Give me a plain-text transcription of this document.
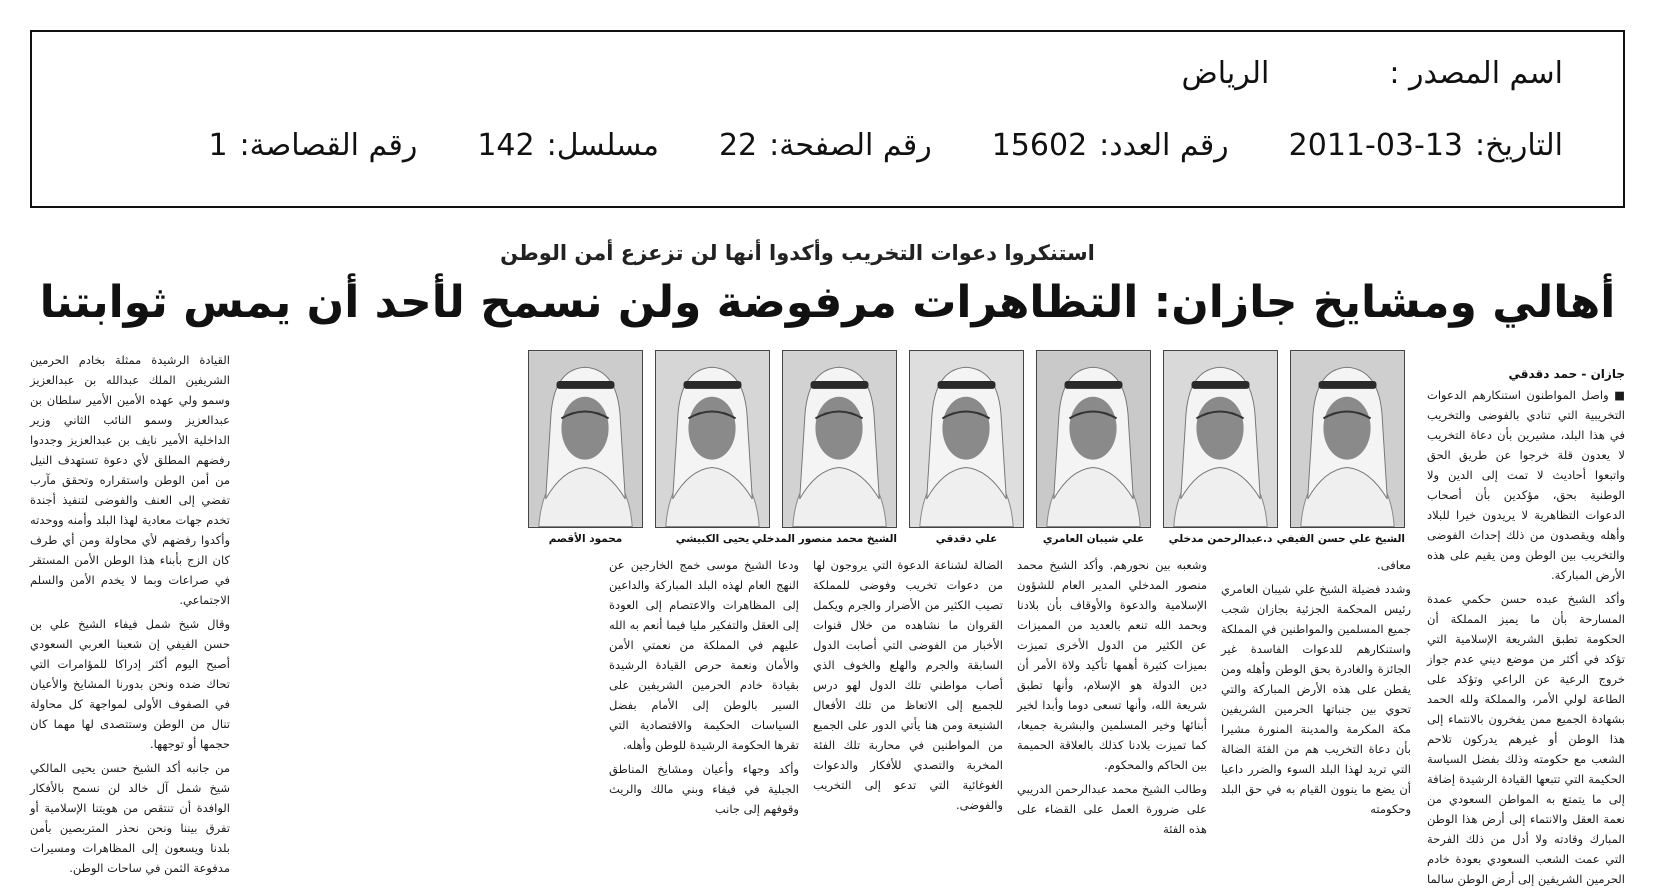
اسم المصدر :
الرياض
التاريخ:
2011-03-13
رقم العدد:
15602
رقم الصفحة:
22
مسلسل:
142
رقم القصاصة:
1
استنكروا دعوات التخريب وأكدوا أنها لن تزعزع أمن الوطن
أهالي ومشايخ جازان: التظاهرات مرفوضة ولن نسمح لأحد أن يمس ثوابتنا
جازان - حمد دقدقي
الشيخ علي حسن الفيفي
د.عبدالرحمن مدخلي
علي شيبان العامري
علي دقدقي
الشيخ محمد منصور المدخلي
يحيى الكبيشي
محمود الأقصم

■ واصل المواطنون استنكارهم الدعوات التخريبية التي تنادي بالفوضى والتخريب في هذا البلد، مشيرين بأن دعاة التخريب لا يعدون قلة خرجوا عن طريق الحق واتبعوا أحاديث لا تمت إلى الدين ولا الوطنية بحق، مؤكدين بأن أصحاب الدعوات التظاهرية لا يريدون خيرا للبلاد وأهله ويقصدون من ذلك إحداث الفوضى والتخريب بين الوطن ومن يقيم على هذه الأرض المباركة.

وأكد الشيخ عبده حسن حكمي عمدة المسارحة بأن ما يميز المملكة أن الحكومة تطبق الشريعة الإسلامية التي تؤكد في أكثر من موضع ديني عدم جواز خروج الرعية عن الراعي وتؤكد على الطاعة لولي الأمر، والمملكة ولله الحمد بشهادة الجميع ممن يفخرون بالانتماء إلى هذا الوطن أو غيرهم يدركون تلاحم الشعب مع حكومته وذلك بفضل السياسة الحكيمة التي تتبعها القيادة الرشيدة إضافة إلى ما يتمتع به المواطن السعودي من نعمة العقل والانتماء إلى أرض هذا الوطن المبارك وقادته ولا أدل من ذلك الفرحة التي عمت الشعب السعودي بعودة خادم الحرمين الشريفين إلى أرض الوطن سالما

معافى.

وشدد فضيلة الشيخ علي شيبان العامري رئيس المحكمة الجزئية بجازان شجب جميع المسلمين والمواطنين في المملكة واستنكارهم للدعوات الفاسدة غير الجائزة والغادرة بحق الوطن وأهله ومن يقطن على هذه الأرض المباركة والتي تحوي بين جنباتها الحرمين الشريفين مكة المكرمة والمدينة المنورة مشيرا بأن دعاة التخريب هم من الفئة الضالة التي تريد لهذا البلد السوء والضرر داعيا أن يضع ما ينوون القيام به في حق البلد وحكومته

وشعبه بين نحورهم. وأكد الشيخ محمد منصور المدخلي المدير العام للشؤون الإسلامية والدعوة والأوقاف بأن بلادنا وبحمد الله تنعم بالعديد من المميزات عن الكثير من الدول الأخرى تميزت بميزات كثيرة أهمها تأكيد ولاة الأمر أن دين الدولة هو الإسلام، وأنها تطبق شريعة الله، وأنها تسعى دوما وأبدا لخير أبنائها وخير المسلمين والبشرية جميعا، كما تميزت بلادنا كذلك بالعلاقة الحميمة بين الحاكم والمحكوم.

وطالب الشيخ محمد عبدالرحمن الدريبي على ضرورة العمل على القضاء على هذه الفئة

الضالة لشناعة الدعوة التي يروجون لها من دعوات تخريب وفوضى للمملكة تصيب الكثير من الأضرار والجرم ويكمل القروان ما نشاهده من خلال قنوات الأخبار من الفوضى التي أصابت الدول السابقة والجرم والهلع والخوف الذي أصاب مواطني تلك الدول لهو درس للجميع إلى الاتعاظ من تلك الأفعال الشنيعة ومن هنا يأتي الدور على الجميع من المواطنين في محاربة تلك الفئة المخربة والتصدي للأفكار والدعوات الغوغائية التي تدعو إلى التخريب والفوضى.

ودعا الشيخ موسى خمج الخارجين عن النهج العام لهذه البلد المباركة والداعين إلى المظاهرات والاعتصام إلى العودة إلى العقل والتفكير مليا فيما أنعم به الله عليهم في المملكة من نعمتي الأمن والأمان ونعمة حرص القيادة الرشيدة بقيادة خادم الحرمين الشريفين على السير بالوطن إلى الأمام بفضل السياسات الحكيمة والاقتصادية التي تقرها الحكومة الرشيدة للوطن وأهله.

وأكد وجهاء وأعيان ومشايخ المناطق الجبلية في فيفاء وبني مالك والريث وقوفهم إلى جانب

القيادة الرشيدة ممثلة بخادم الحرمين الشريفين الملك عبدالله بن عبدالعزيز وسمو ولي عهده الأمين الأمير سلطان بن عبدالعزيز وسمو النائب الثاني وزير الداخلية الأمير نايف بن عبدالعزيز وجددوا رفضهم المطلق لأي دعوة تستهدف النيل من أمن الوطن واستقراره وتحقق مآرب تفضي إلى العنف والفوضى لتنفيذ أجندة تخدم جهات معادية لهذا البلد وأمنه ووحدته وأكدوا رفضهم لأي محاولة ومن أي طرف كان الزج بأبناء هذا الوطن الأمن المستقر في صراعات وبما لا يخدم الأمن والسلم الاجتماعي.

وقال شيخ شمل فيفاء الشيخ علي بن حسن الفيفي إن شعبنا العربي السعودي أصبح اليوم أكثر إدراكا للمؤامرات التي تحاك ضده ونحن بدورنا المشايخ والأعيان في الصفوف الأولى لمواجهة كل محاولة تنال من الوطن وستتصدى لها مهما كان حجمها أو توجهها.

من جانبه أكد الشيخ حسن يحيى المالكي شيخ شمل آل خالد لن نسمح بالأفكار الوافدة أن تنتقص من هويتنا الإسلامية أو تفرق بيننا ونحن نحذر المتربصين بأمن بلدنا ويسعون إلى المظاهرات ومسيرات مدفوعة الثمن في ساحات الوطن.
